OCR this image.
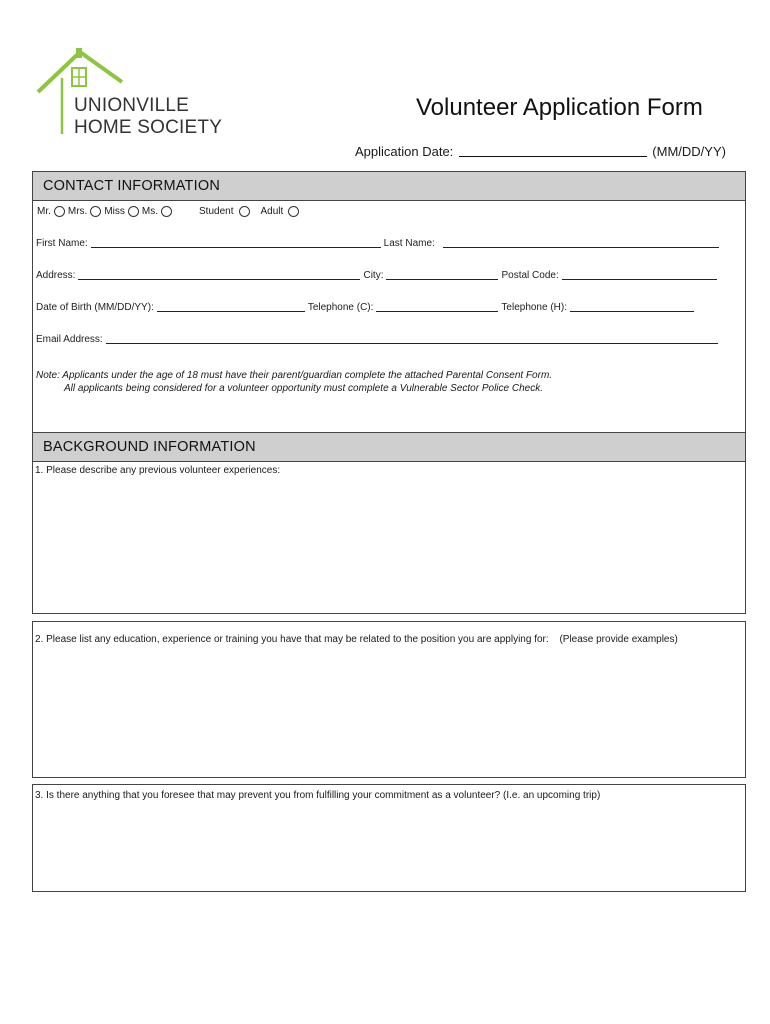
UNIONVILLE
HOME SOCIETY
Volunteer Application Form
Application Date:	(MM/DD/YY)
CONTACT INFORMATION
Mr. Mrs. Miss Ms.	Student	Adult
First Name:	Last Name:
Address:	City:	Postal Code:
Date of Birth (MM/DD/YY):	Telephone (C):	Telephone (H):
Email Address:
Note: Applicants under the age of 18 must have their parent/guardian complete the attached Parental Consent Form.
All applicants being considered for a volunteer opportunity must complete a Vulnerable Sector Police Check.
BACKGROUND INFORMATION
1. Please describe any previous volunteer experiences:
2. Please list any education, experience or training you have that may be related to the position you are applying for: (Please provide examples)
3. Is there anything that you foresee that may prevent you from fulfilling your commitment as a volunteer? (I.e. an upcoming trip)
